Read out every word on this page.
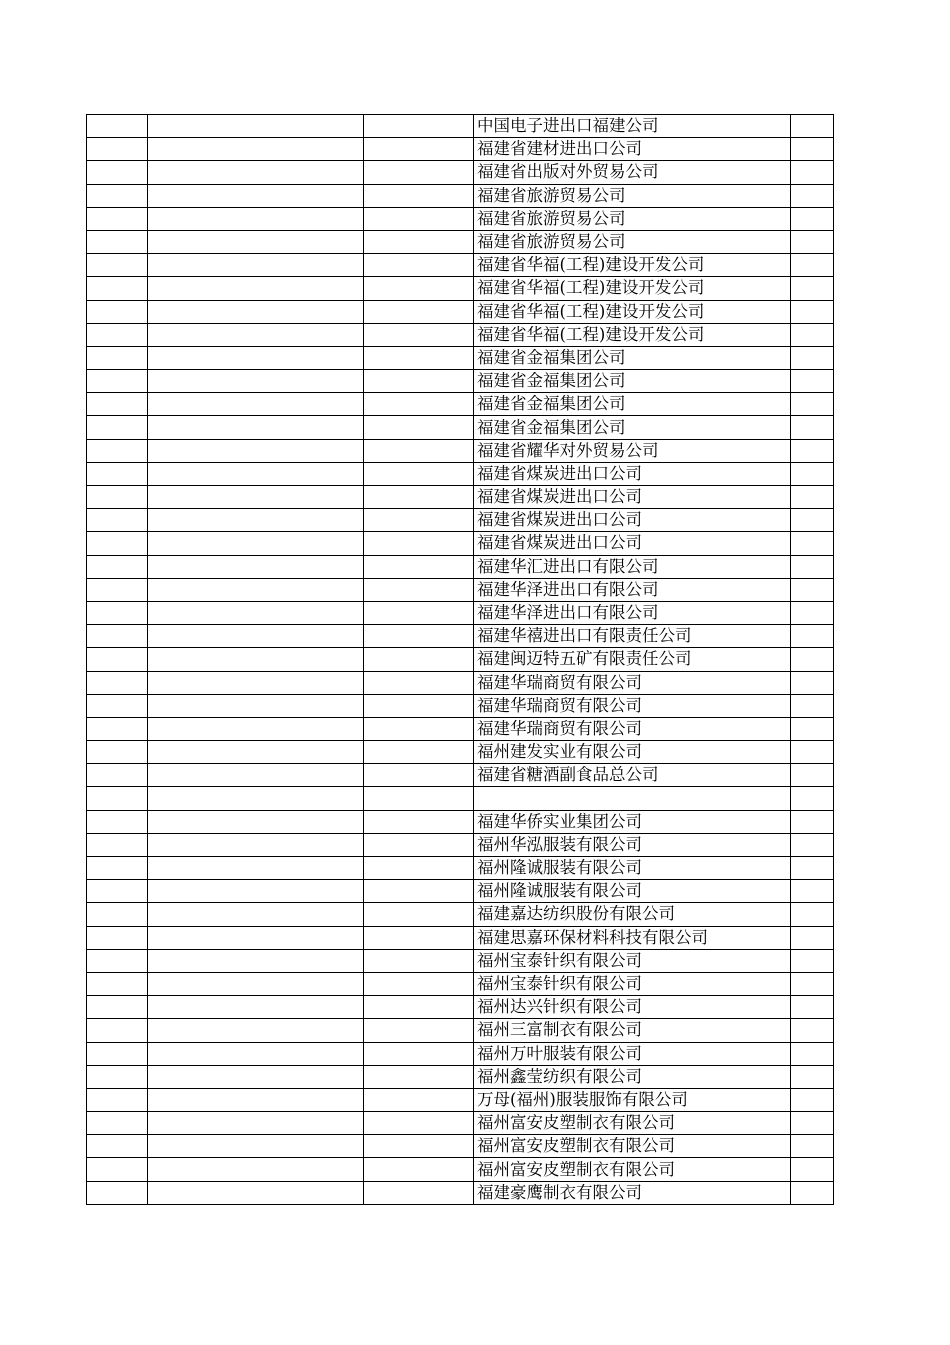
			中国电子进出口福建公司	
			福建省建材进出口公司	
			福建省出版对外贸易公司	
			福建省旅游贸易公司	
			福建省旅游贸易公司	
			福建省旅游贸易公司	
			福建省华福(工程)建设开发公司	
			福建省华福(工程)建设开发公司	
			福建省华福(工程)建设开发公司	
			福建省华福(工程)建设开发公司	
			福建省金福集团公司	
			福建省金福集团公司	
			福建省金福集团公司	
			福建省金福集团公司	
			福建省耀华对外贸易公司	
			福建省煤炭进出口公司	
			福建省煤炭进出口公司	
			福建省煤炭进出口公司	
			福建省煤炭进出口公司	
			福建华汇进出口有限公司	
			福建华泽进出口有限公司	
			福建华泽进出口有限公司	
			福建华禧进出口有限责任公司	
			福建闽迈特五矿有限责任公司	
			福建华瑞商贸有限公司	
			福建华瑞商贸有限公司	
			福建华瑞商贸有限公司	
			福州建发实业有限公司	
			福建省糖酒副食品总公司	

			福建华侨实业集团公司	
			福州华泓服装有限公司	
			福州隆诚服装有限公司	
			福州隆诚服装有限公司	
			福建嘉达纺织股份有限公司	
			福建思嘉环保材料科技有限公司	
			福州宝泰针织有限公司	
			福州宝泰针织有限公司	
			福州达兴针织有限公司	
			福州三富制衣有限公司	
			福州万叶服装有限公司	
			福州鑫莹纺织有限公司	
			万母(福州)服装服饰有限公司	
			福州富安皮塑制衣有限公司	
			福州富安皮塑制衣有限公司	
			福州富安皮塑制衣有限公司	
			福建豪鹰制衣有限公司	
